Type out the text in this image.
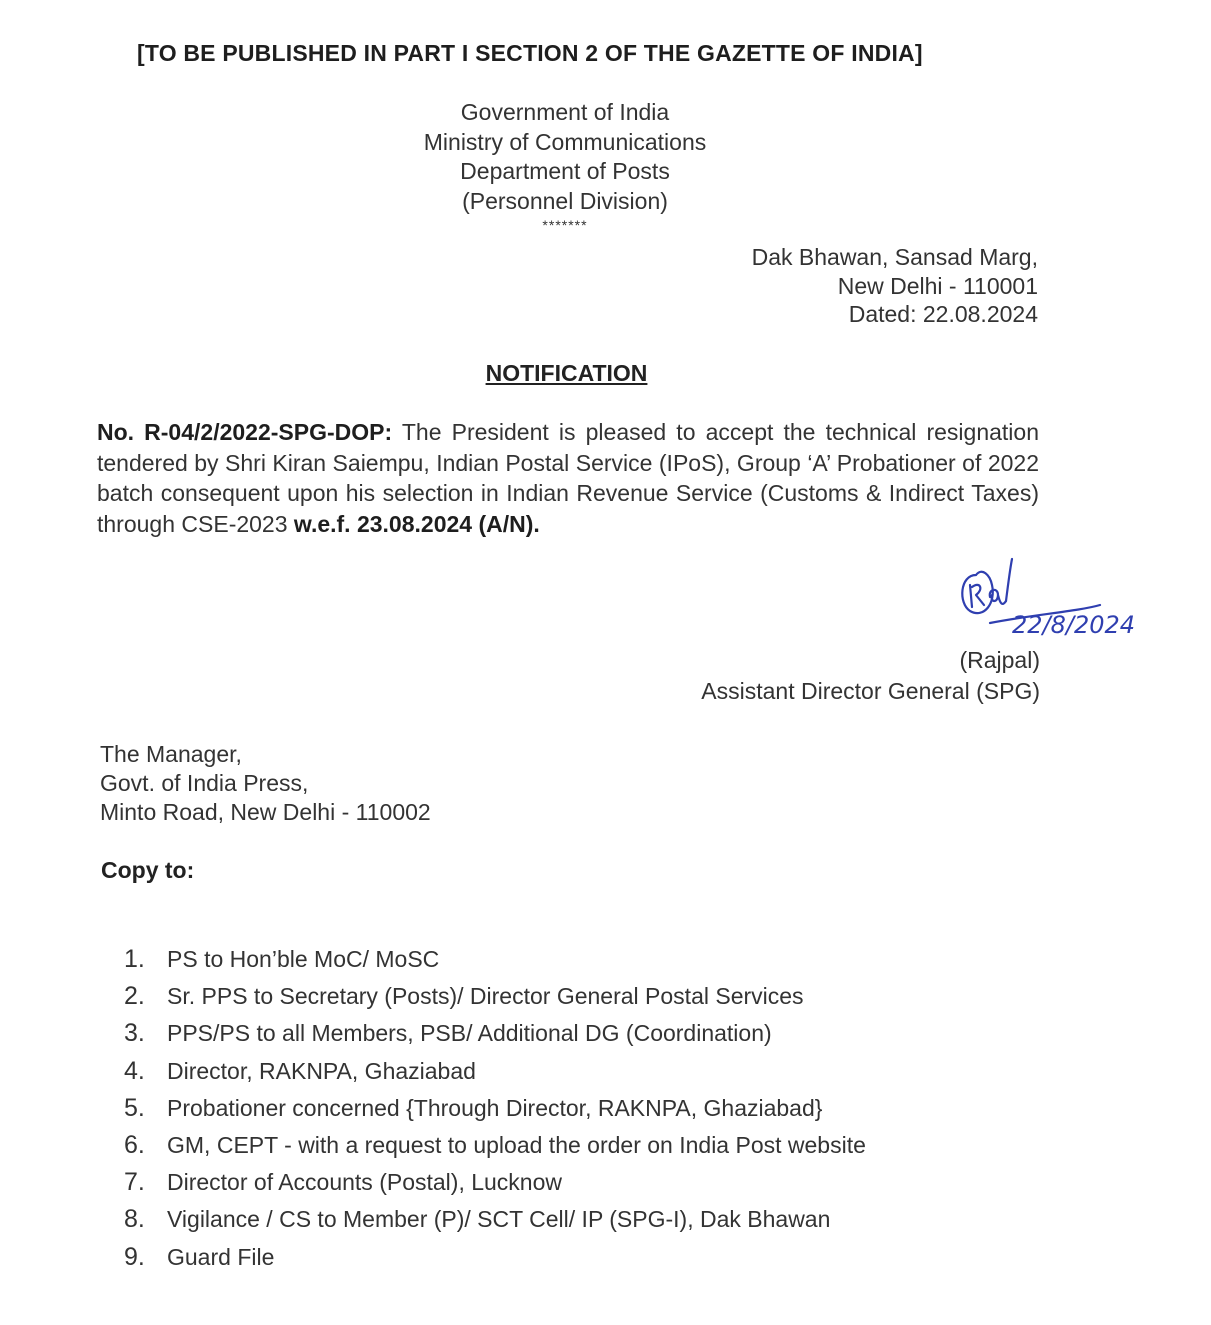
[TO BE PUBLISHED IN PART I SECTION 2 OF THE GAZETTE OF INDIA]
Government of India
Ministry of Communications
Department of Posts
(Personnel Division)
*******
Dak Bhawan, Sansad Marg,
New Delhi - 110001
Dated: 22.08.2024
NOTIFICATION
No. R-04/2/2022-SPG-DOP: The President is pleased to accept the technical resignation tendered by Shri Kiran Saiempu, Indian Postal Service (IPoS), Group ‘A’ Probationer of 2022 batch consequent upon his selection in Indian Revenue Service (Customs & Indirect Taxes) through CSE-2023 w.e.f. 23.08.2024 (A/N).
22/8/2024
(Rajpal)
Assistant Director General (SPG)
The Manager,
Govt. of India Press,
Minto Road, New Delhi - 110002
Copy to:
1. PS to Hon’ble MoC/ MoSC
2. Sr. PPS to Secretary (Posts)/ Director General Postal Services
3. PPS/PS to all Members, PSB/ Additional DG (Coordination)
4. Director, RAKNPA, Ghaziabad
5. Probationer concerned {Through Director, RAKNPA, Ghaziabad}
6. GM, CEPT - with a request to upload the order on India Post website
7. Director of Accounts (Postal), Lucknow
8. Vigilance / CS to Member (P)/ SCT Cell/ IP (SPG-I), Dak Bhawan
9. Guard File
